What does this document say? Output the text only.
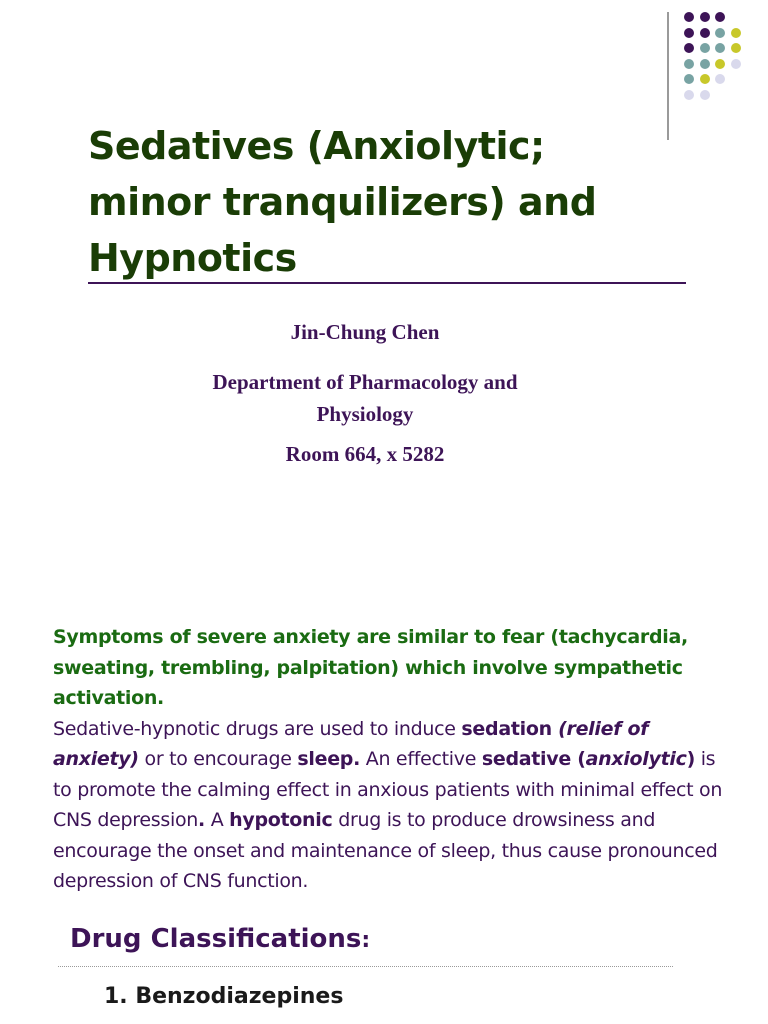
Sedatives (Anxiolytic;
minor tranquilizers) and
Hypnotics
Jin-Chung Chen
Department of Pharmacology and
Physiology
Room 664, x 5282

Symptoms of severe anxiety are similar to fear (tachycardia, sweating, trembling, palpitation) which involve sympathetic activation.
Sedative-hypnotic drugs are used to induce sedation (relief of anxiety) or to encourage sleep. An effective sedative (anxiolytic) is to promote the calming effect in anxious patients with minimal effect on CNS depression. A hypotonic drug is to produce drowsiness and encourage the onset and maintenance of sleep, thus cause pronounced depression of CNS function.

Drug Classifications:

1. Benzodiazepines
